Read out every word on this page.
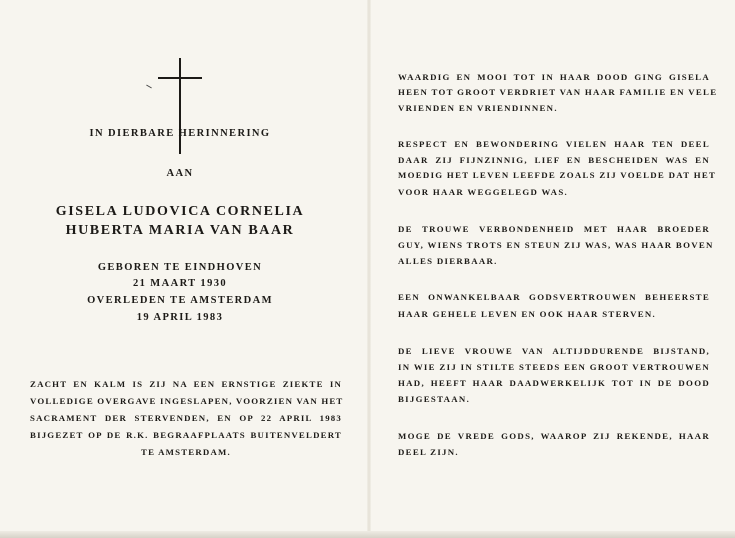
IN DIERBARE HERINNERING
AAN
GISELA LUDOVICA CORNELIA
HUBERTA MARIA VAN BAAR
GEBOREN TE EINDHOVEN
21 MAART 1930
OVERLEDEN TE AMSTERDAM
19 APRIL 1983
ZACHT EN KALM IS ZIJ NA EEN ERNSTIGE ZIEKTE IN
VOLLEDIGE OVERGAVE INGESLAPEN, VOORZIEN VAN HET
SACRAMENT DER STERVENDEN, EN OP 22 APRIL 1983
BIJGEZET OP DE R.K. BEGRAAFPLAATS BUITENVELDERT
TE AMSTERDAM.
WAARDIG EN MOOI TOT IN HAAR DOOD GING GISELA
HEEN TOT GROOT VERDRIET VAN HAAR FAMILIE EN VELE
VRIENDEN EN VRIENDINNEN.
RESPECT EN BEWONDERING VIELEN HAAR TEN DEEL
DAAR ZIJ FIJNZINNIG, LIEF EN BESCHEIDEN WAS EN
MOEDIG HET LEVEN LEEFDE ZOALS ZIJ VOELDE DAT HET
VOOR HAAR WEGGELEGD WAS.
DE TROUWE VERBONDENHEID MET HAAR BROEDER
GUY, WIENS TROTS EN STEUN ZIJ WAS, WAS HAAR BOVEN
ALLES DIERBAAR.
EEN ONWANKELBAAR GODSVERTROUWEN BEHEERSTE
HAAR GEHELE LEVEN EN OOK HAAR STERVEN.
DE LIEVE VROUWE VAN ALTIJDDURENDE BIJSTAND,
IN WIE ZIJ IN STILTE STEEDS EEN GROOT VERTROUWEN
HAD, HEEFT HAAR DAADWERKELIJK TOT IN DE DOOD
BIJGESTAAN.
MOGE DE VREDE GODS, WAAROP ZIJ REKENDE, HAAR
DEEL ZIJN.
